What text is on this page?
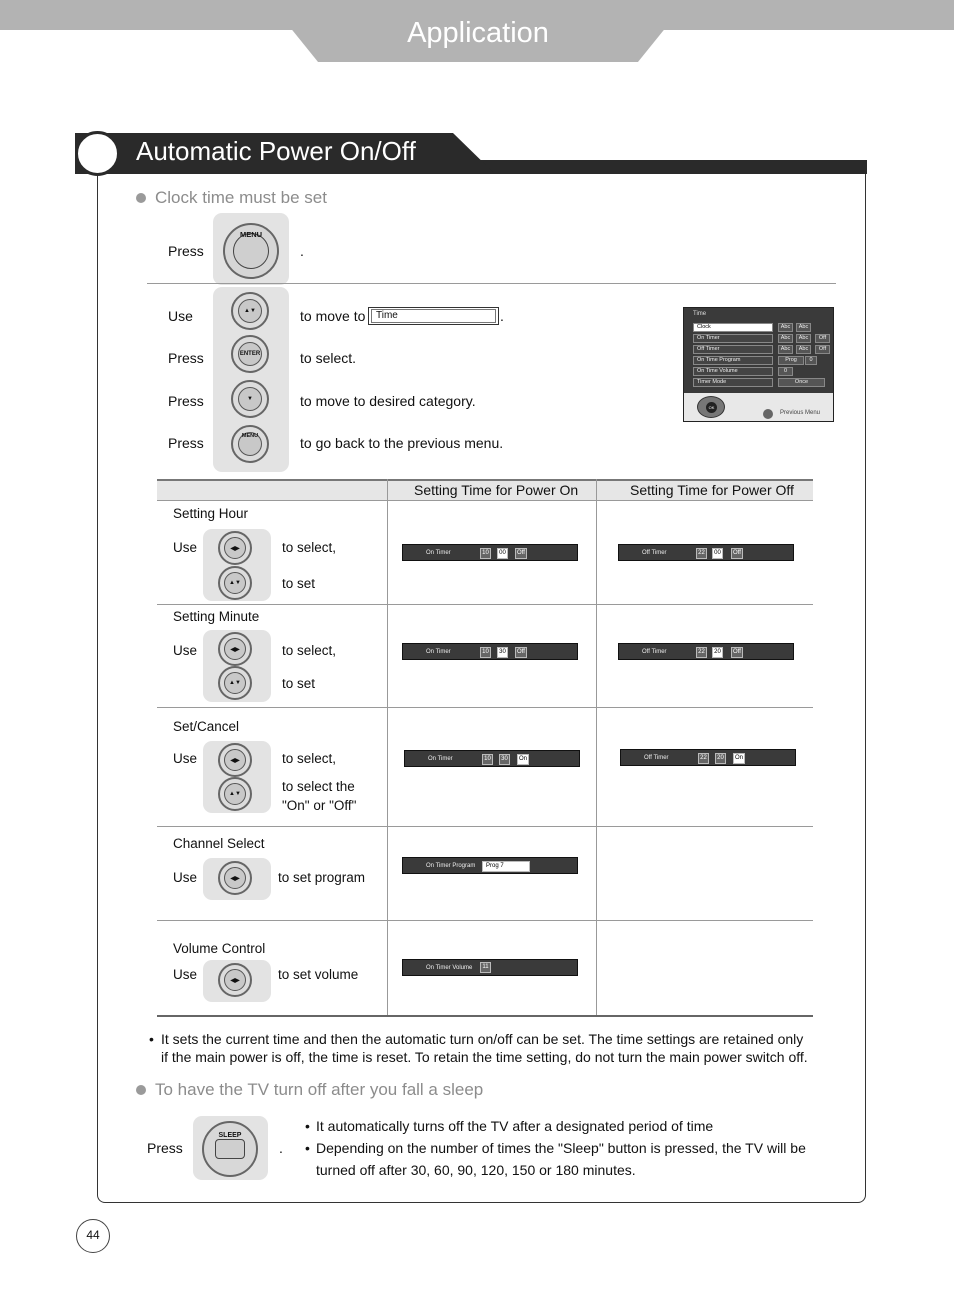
Application
Automatic Power On/Off
Clock time must be set
Press
MENU
.
Use	▲▼	to move to	Time	.
Press	ENTER	to select.
Press	▼	to move to desired category.
Press	MENU	to go back to the previous menu.
Time
Clock
On Timer
Off Timer
On Time Program
On Time Volume
Timer Mode
Abc	Abc
Abc	Abc	Off
Abc	Abc	Off
Prog	0
0
Once
OK
Previous Menu
Setting Time for Power On	Setting Time for Power Off
Setting Hour
Use	◀▶
▲▼
to select,
to set
On Timer	10	00	Off	Off Timer	22	00	Off
Setting Minute
Use	◀▶
▲▼
to select,
to set
On Timer	10	30	Off	Off Timer	22	20	Off
Set/Cancel
Use	◀▶
▲▼
to select,
to select the
"On" or "Off"
On Timer	10	30	On	Off Timer	22	20	On
Channel Select
Use	◀▶	to set program
On Timer Program	Prog 7
Volume Control
Use	◀▶	to set volume	On Timer Volume	11
• It sets the current time and then the automatic turn on/off can be set. The time settings are retained only
if the main power is off, the time is reset. To retain the time setting, do not turn the main power switch off.
To have the TV turn off after you fall a sleep
Press
SLEEP
.
• It automatically turns off the TV after a designated period of time
• Depending on the number of times the "Sleep" button is pressed, the TV will be
turned off after 30, 60, 90, 120, 150 or 180 minutes.
44
